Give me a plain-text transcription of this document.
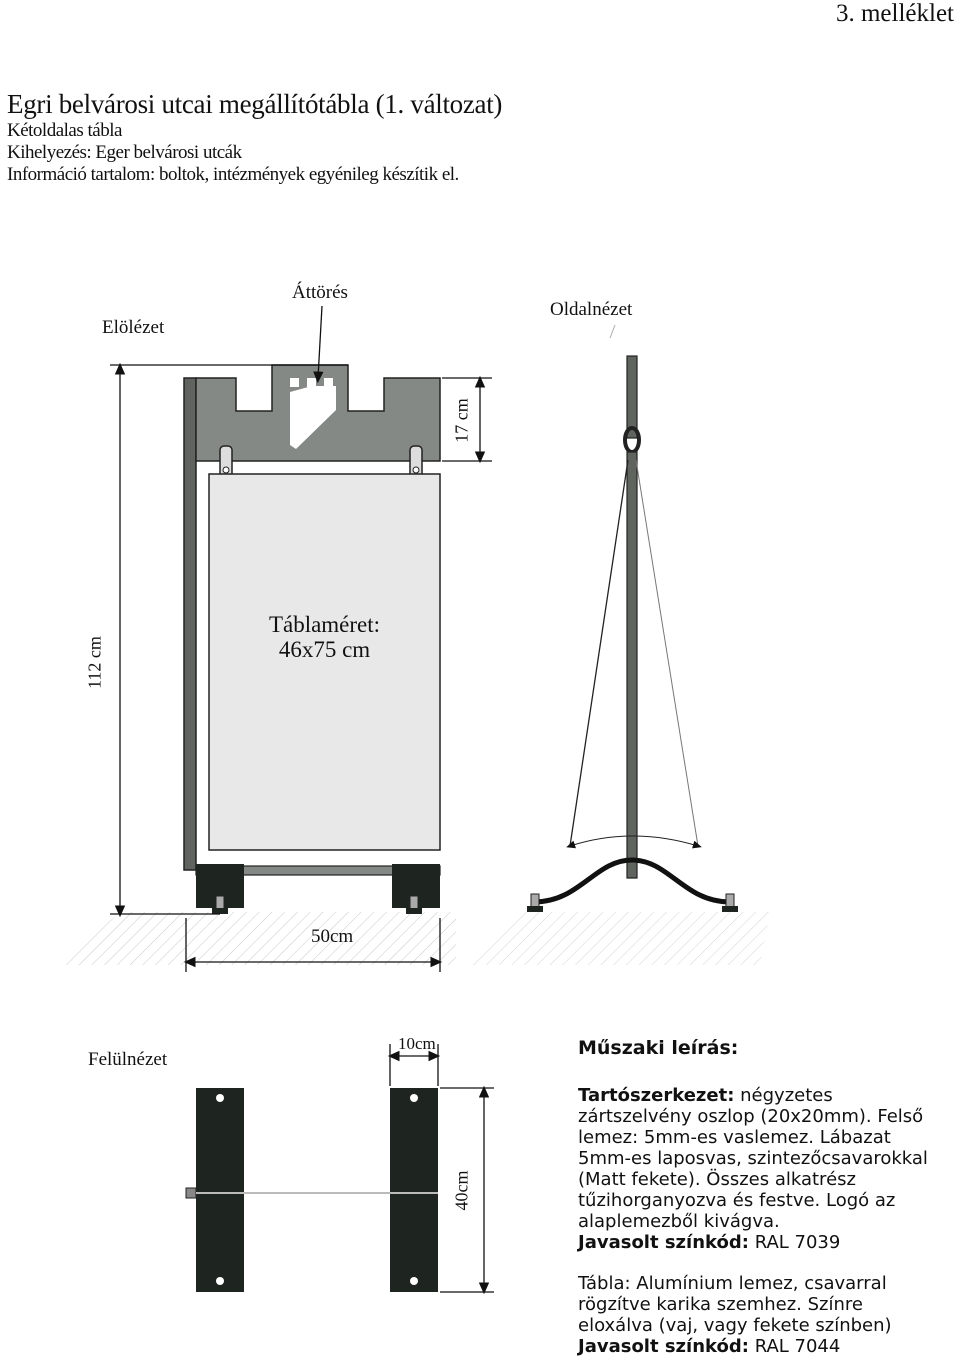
3. melléklet
Egri belvárosi utcai megállítótábla (1. változat)
Kétoldalas tábla
Kihelyezés: Eger belvárosi utcák
Információ tartalom: boltok, intézmények egyénileg készítik el.
Elölézet
Áttörés
Oldalnézet
Felülnézet
112 cm
17 cm
50cm
10cm
40cm
Táblaméret:
46x75 cm
Műszaki leírás:

Tartószerkezet: négyzetes zártszelvény oszlop (20x20mm). Felső lemez: 5mm-es vaslemez. Lábazat 5mm-es laposvas, szintezőcsavarokkal (Matt fekete). Összes alkatrész tűzihorganyozva és festve. Logó az alaplemezből kivágva.

Javasolt színkód: RAL 7039

Tábla: Alumínium lemez, csavarral rögzítve karika szemhez. Színre eloxálva (vaj, vagy fekete színben)

Javasolt színkód: RAL 7044
